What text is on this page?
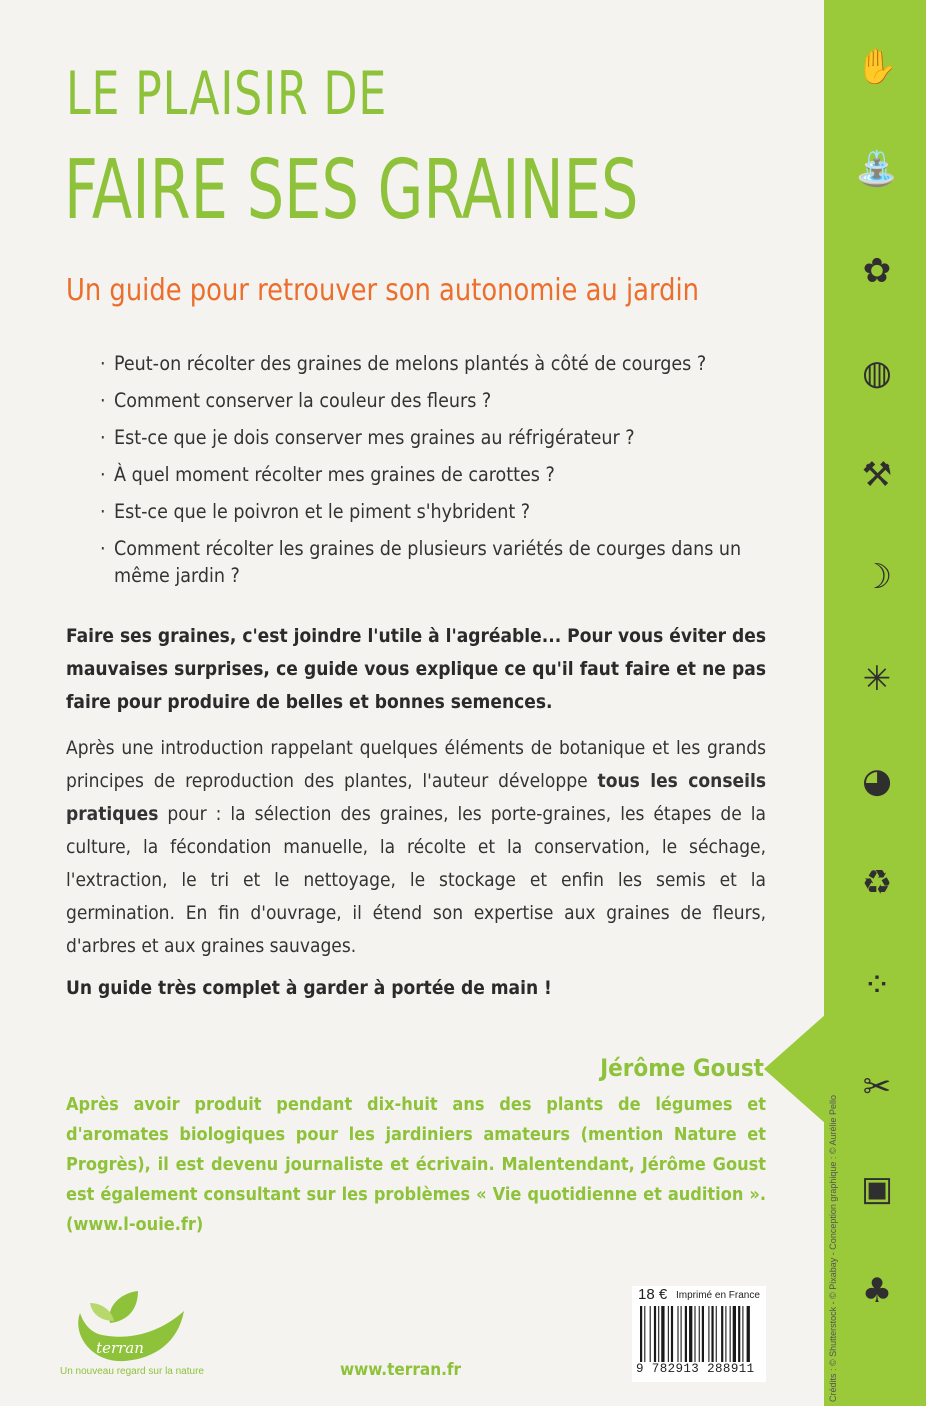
✋
⛲
✿
◍
⚒
☽
✳
◕
♻
⁘
✂
▣
♣
Crédits : © Shutterstock - © Pixabay - Conception graphique : © Aurélie Pello
LE PLAISIR DE
FAIRE SES GRAINES
Un guide pour retrouver son autonomie au jardin
· Peut-on récolter des graines de melons plantés à côté de courges ?
· Comment conserver la couleur des fleurs ?
· Est-ce que je dois conserver mes graines au réfrigérateur ?
· À quel moment récolter mes graines de carottes ?
· Est-ce que le poivron et le piment s'hybrident ?
· Comment récolter les graines de plusieurs variétés de courges dans un même jardin ?

Faire ses graines, c'est joindre l'utile à l'agréable... Pour vous éviter des mauvaises surprises, ce guide vous explique ce qu'il faut faire et ne pas faire pour produire de belles et bonnes semences.

Après une introduction rappelant quelques éléments de botanique et les grands principes de reproduction des plantes, l'auteur développe tous les conseils pratiques pour : la sélection des graines, les porte-graines, les étapes de la culture, la fécondation manuelle, la récolte et la conservation, le séchage, l'extraction, le tri et le nettoyage, le stockage et enfin les semis et la germination. En fin d'ouvrage, il étend son expertise aux graines de fleurs, d'arbres et aux graines sauvages.

Un guide très complet à garder à portée de main !

Jérôme Goust

Après avoir produit pendant dix-huit ans des plants de légumes et d'aromates biologiques pour les jardiniers amateurs (mention Nature et Progrès), il est devenu journaliste et écrivain. Malentendant, Jérôme Goust est également consultant sur les problèmes « Vie quotidienne et audition ». (www.l-ouie.fr)

terran
Un nouveau regard sur la nature	www.terran.fr
18 € Imprimé en France
9 782913 288911
